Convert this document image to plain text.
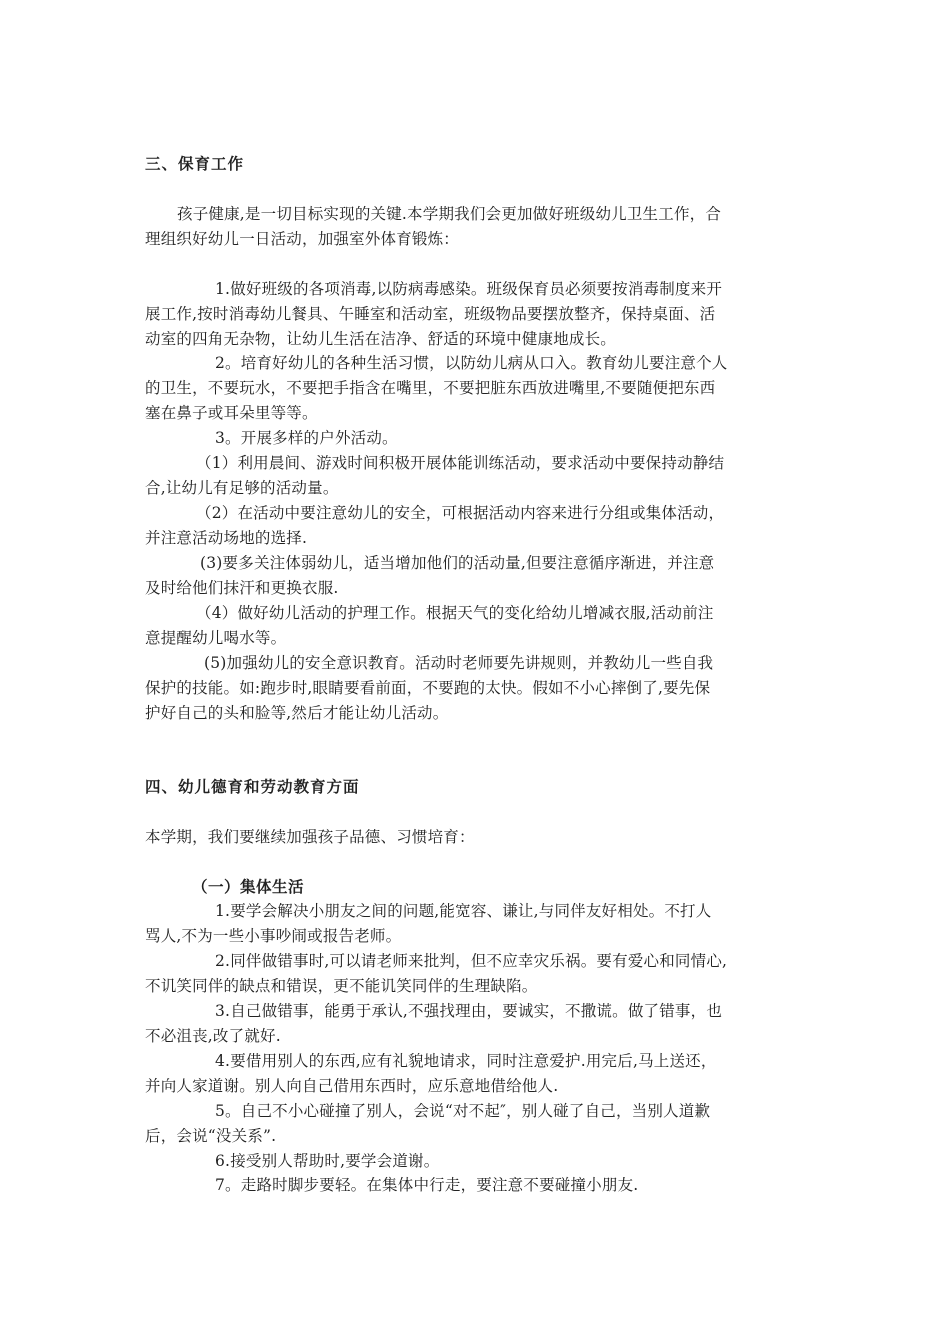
三、保育工作
孩子健康,是一切目标实现的关键.本学期我们会更加做好班级幼儿卫生工作，合
理组织好幼儿一日活动，加强室外体育锻炼：
1.做好班级的各项消毒,以防病毒感染。班级保育员必须要按消毒制度来开
展工作,按时消毒幼儿餐具、午睡室和活动室，班级物品要摆放整齐，保持桌面、活
动室的四角无杂物，让幼儿生活在洁净、舒适的环境中健康地成长。
2。培育好幼儿的各种生活习惯，以防幼儿病从口入。教育幼儿要注意个人
的卫生，不要玩水，不要把手指含在嘴里，不要把脏东西放进嘴里,不要随便把东西
塞在鼻子或耳朵里等等。
3。开展多样的户外活动。
（1）利用晨间、游戏时间积极开展体能训练活动，要求活动中要保持动静结
合,让幼儿有足够的活动量。
（2）在活动中要注意幼儿的安全，可根据活动内容来进行分组或集体活动，
并注意活动场地的选择.
(3)要多关注体弱幼儿，适当增加他们的活动量,但要注意循序渐进，并注意
及时给他们抹汗和更换衣服.
（4）做好幼儿活动的护理工作。根据天气的变化给幼儿增减衣服,活动前注
意提醒幼儿喝水等。
(5)加强幼儿的安全意识教育。活动时老师要先讲规则，并教幼儿一些自我
保护的技能。如:跑步时,眼睛要看前面，不要跑的太快。假如不小心摔倒了,要先保
护好自己的头和脸等,然后才能让幼儿活动。
四、幼儿德育和劳动教育方面
本学期，我们要继续加强孩子品德、习惯培育：
（一）集体生活
1.要学会解决小朋友之间的问题,能宽容、谦让,与同伴友好相处。不打人
骂人,不为一些小事吵闹或报告老师。
2.同伴做错事时,可以请老师来批判，但不应幸灾乐祸。要有爱心和同情心,
不讥笑同伴的缺点和错误，更不能讥笑同伴的生理缺陷。
3.自己做错事，能勇于承认,不强找理由，要诚实，不撒谎。做了错事，也
不必沮丧,改了就好.
4.要借用别人的东西,应有礼貌地请求，同时注意爱护.用完后,马上送还，
并向人家道谢。别人向自己借用东西时，应乐意地借给他人.
5。自己不小心碰撞了别人，会说“对不起″，别人碰了自己，当别人道歉
后，会说“没关系”.
6.接受别人帮助时,要学会道谢。
7。走路时脚步要轻。在集体中行走，要注意不要碰撞小朋友.
